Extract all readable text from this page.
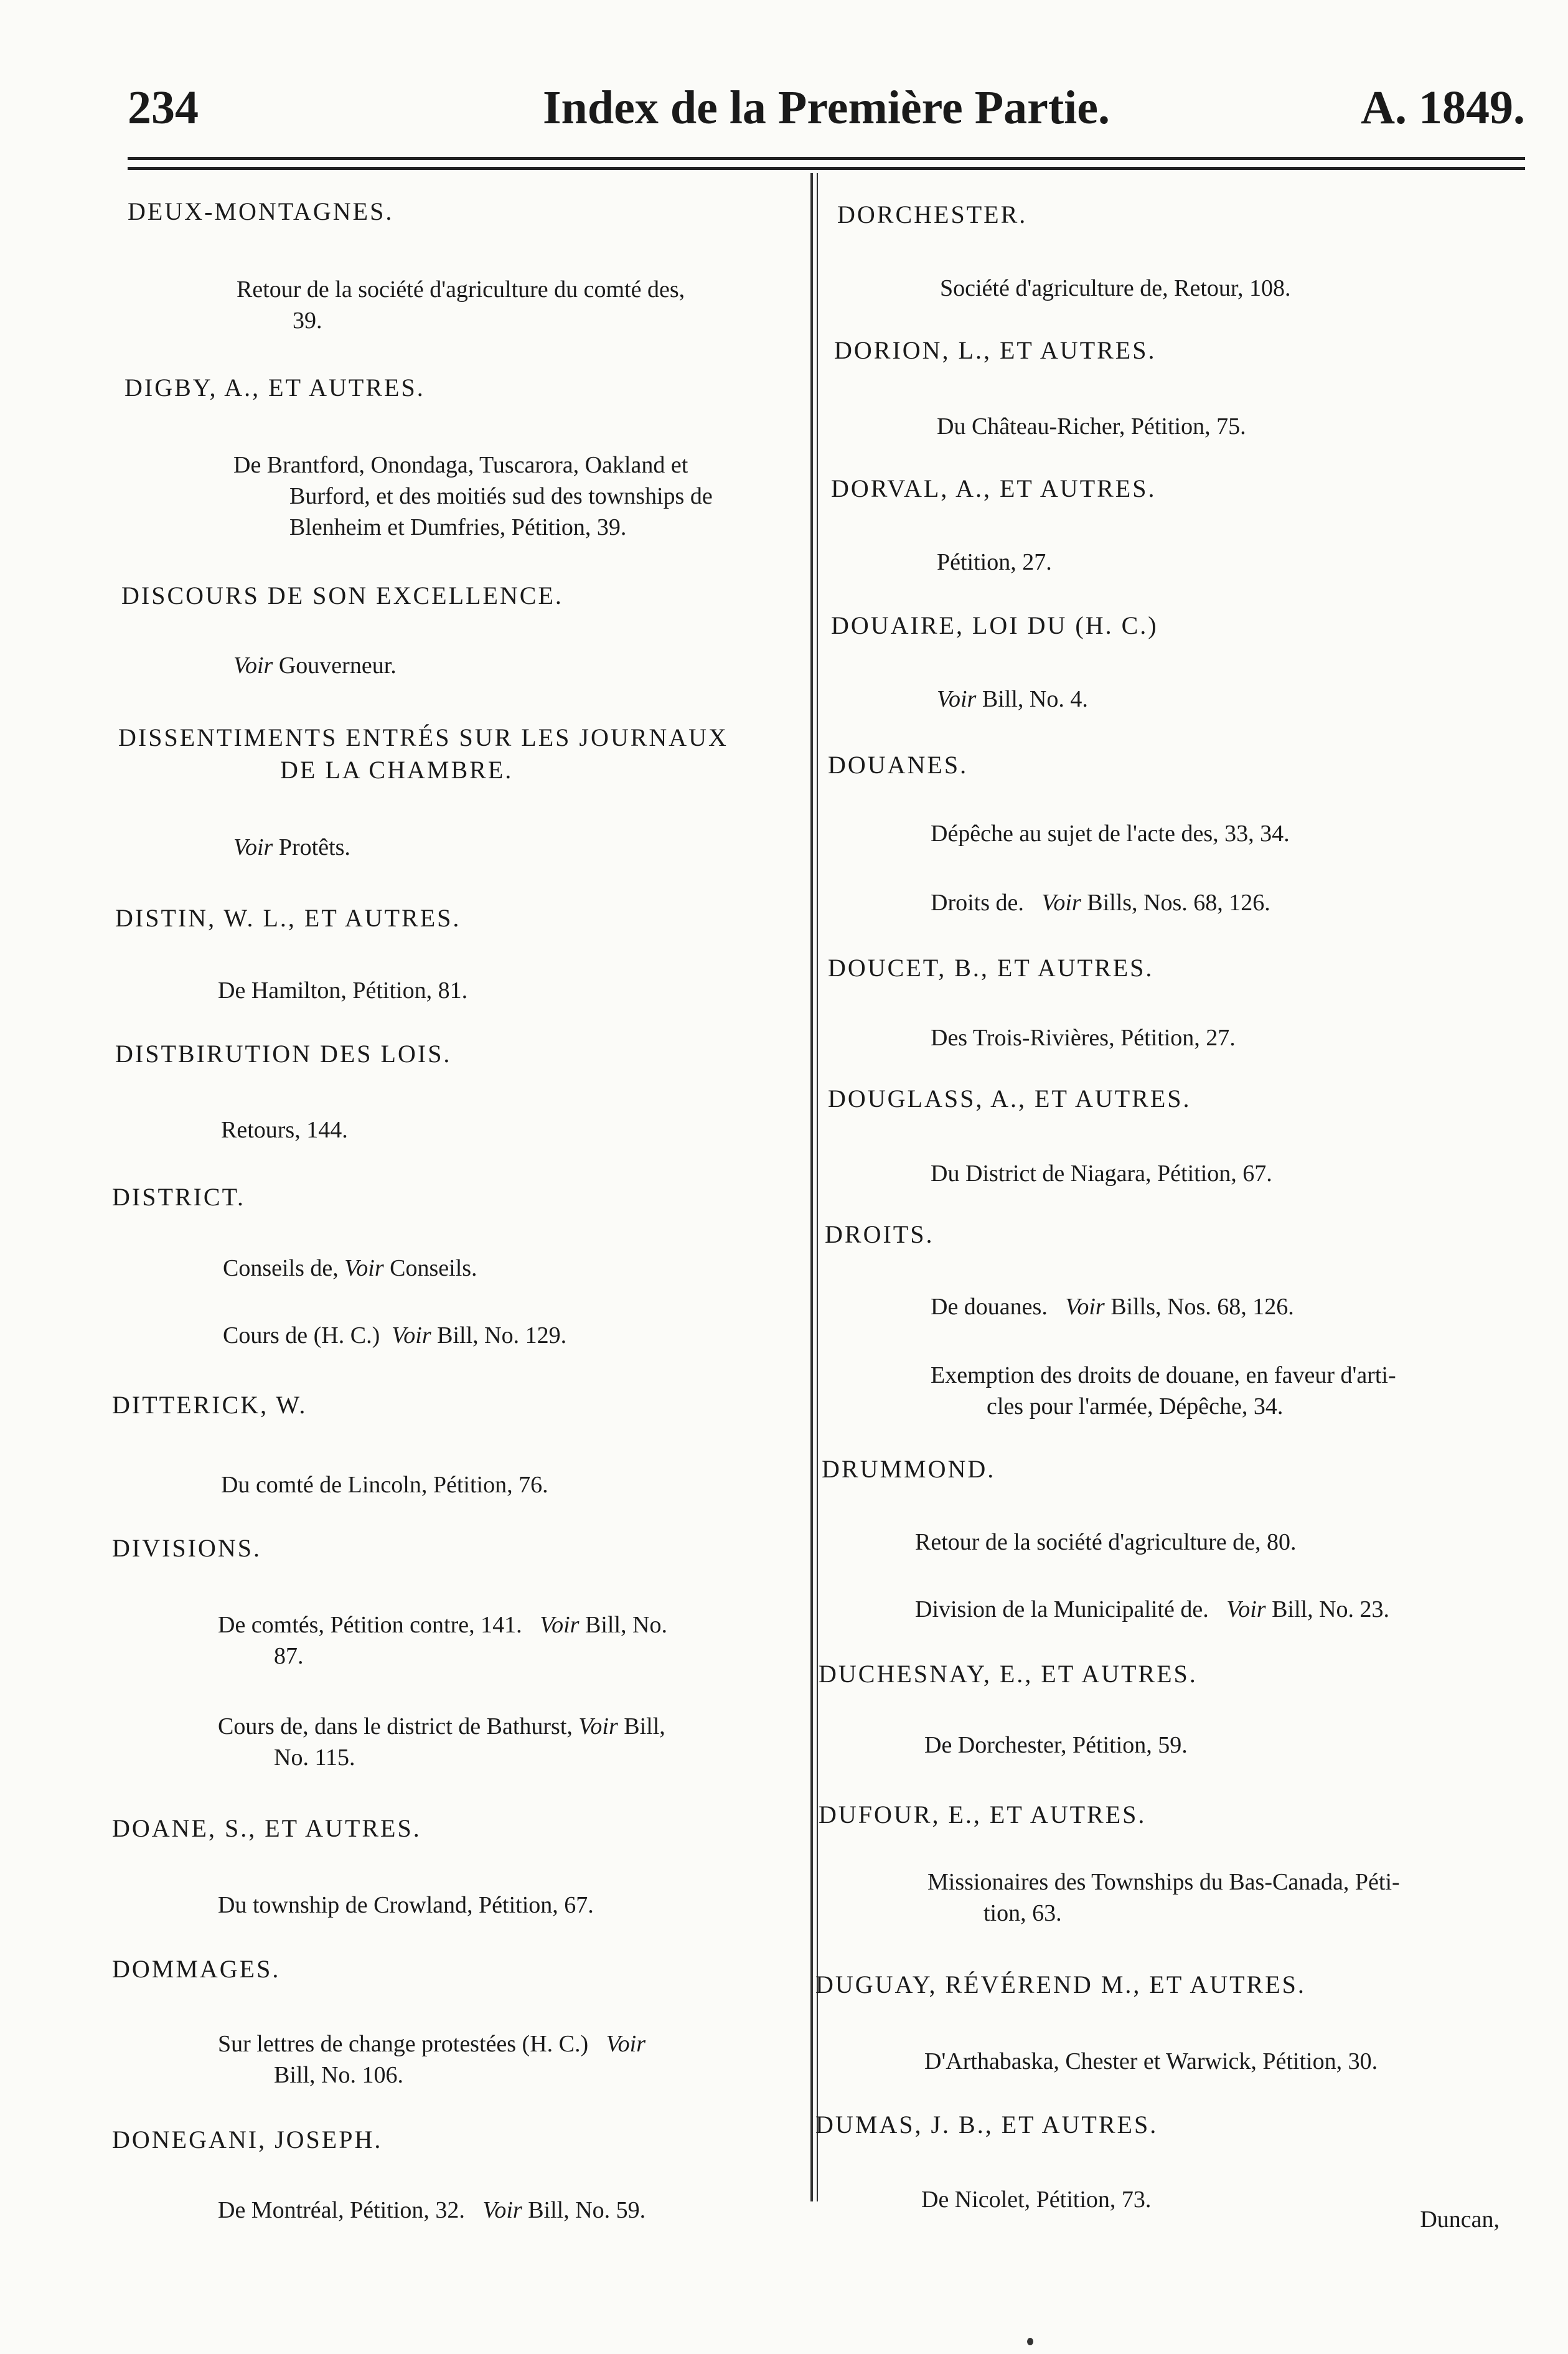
234	Index de la Première Partie.	A. 1849.
DEUX-MONTAGNES.
Retour de la société d'agriculture du comté des,
39.
DIGBY, A., ET AUTRES.
De Brantford, Onondaga, Tuscarora, Oakland et
Burford, et des moitiés sud des townships de
Blenheim et Dumfries, Pétition, 39.
DISCOURS DE SON EXCELLENCE.
Voir Gouverneur.
DISSENTIMENTS ENTRÉS SUR LES JOURNAUX
DE LA CHAMBRE.
Voir Protêts.
DISTIN, W. L., ET AUTRES.
De Hamilton, Pétition, 81.
DISTBIRUTION DES LOIS.
Retours, 144.
DISTRICT.
Conseils de, Voir Conseils.
Cours de (H. C.)  Voir Bill, No. 129.
DITTERICK, W.
Du comté de Lincoln, Pétition, 76.
DIVISIONS.
De comtés, Pétition contre, 141.   Voir Bill, No.
87.
Cours de, dans le district de Bathurst, Voir Bill,
No. 115.
DOANE, S., ET AUTRES.
Du township de Crowland, Pétition, 67.
DOMMAGES.
Sur lettres de change protestées (H. C.)   Voir
Bill, No. 106.
DONEGANI, JOSEPH.
De Montréal, Pétition, 32.   Voir Bill, No. 59.
DORCHESTER.
Société d'agriculture de, Retour, 108.
DORION, L., ET AUTRES.
Du Château-Richer, Pétition, 75.
DORVAL, A., ET AUTRES.
Pétition, 27.
DOUAIRE, LOI DU (H. C.)
Voir Bill, No. 4.
DOUANES.
Dépêche au sujet de l'acte des, 33, 34.
Droits de.   Voir Bills, Nos. 68, 126.
DOUCET, B., ET AUTRES.
Des Trois-Rivières, Pétition, 27.
DOUGLASS, A., ET AUTRES.
Du District de Niagara, Pétition, 67.
DROITS.
De douanes.   Voir Bills, Nos. 68, 126.
Exemption des droits de douane, en faveur d'arti-
cles pour l'armée, Dépêche, 34.
DRUMMOND.
Retour de la société d'agriculture de, 80.
Division de la Municipalité de.   Voir Bill, No. 23.
DUCHESNAY, E., ET AUTRES.
De Dorchester, Pétition, 59.
DUFOUR, E., ET AUTRES.
Missionaires des Townships du Bas-Canada, Péti-
tion, 63.
DUGUAY, RÉVÉREND M., ET AUTRES.
D'Arthabaska, Chester et Warwick, Pétition, 30.
DUMAS, J. B., ET AUTRES.
De Nicolet, Pétition, 73.
Duncan,
